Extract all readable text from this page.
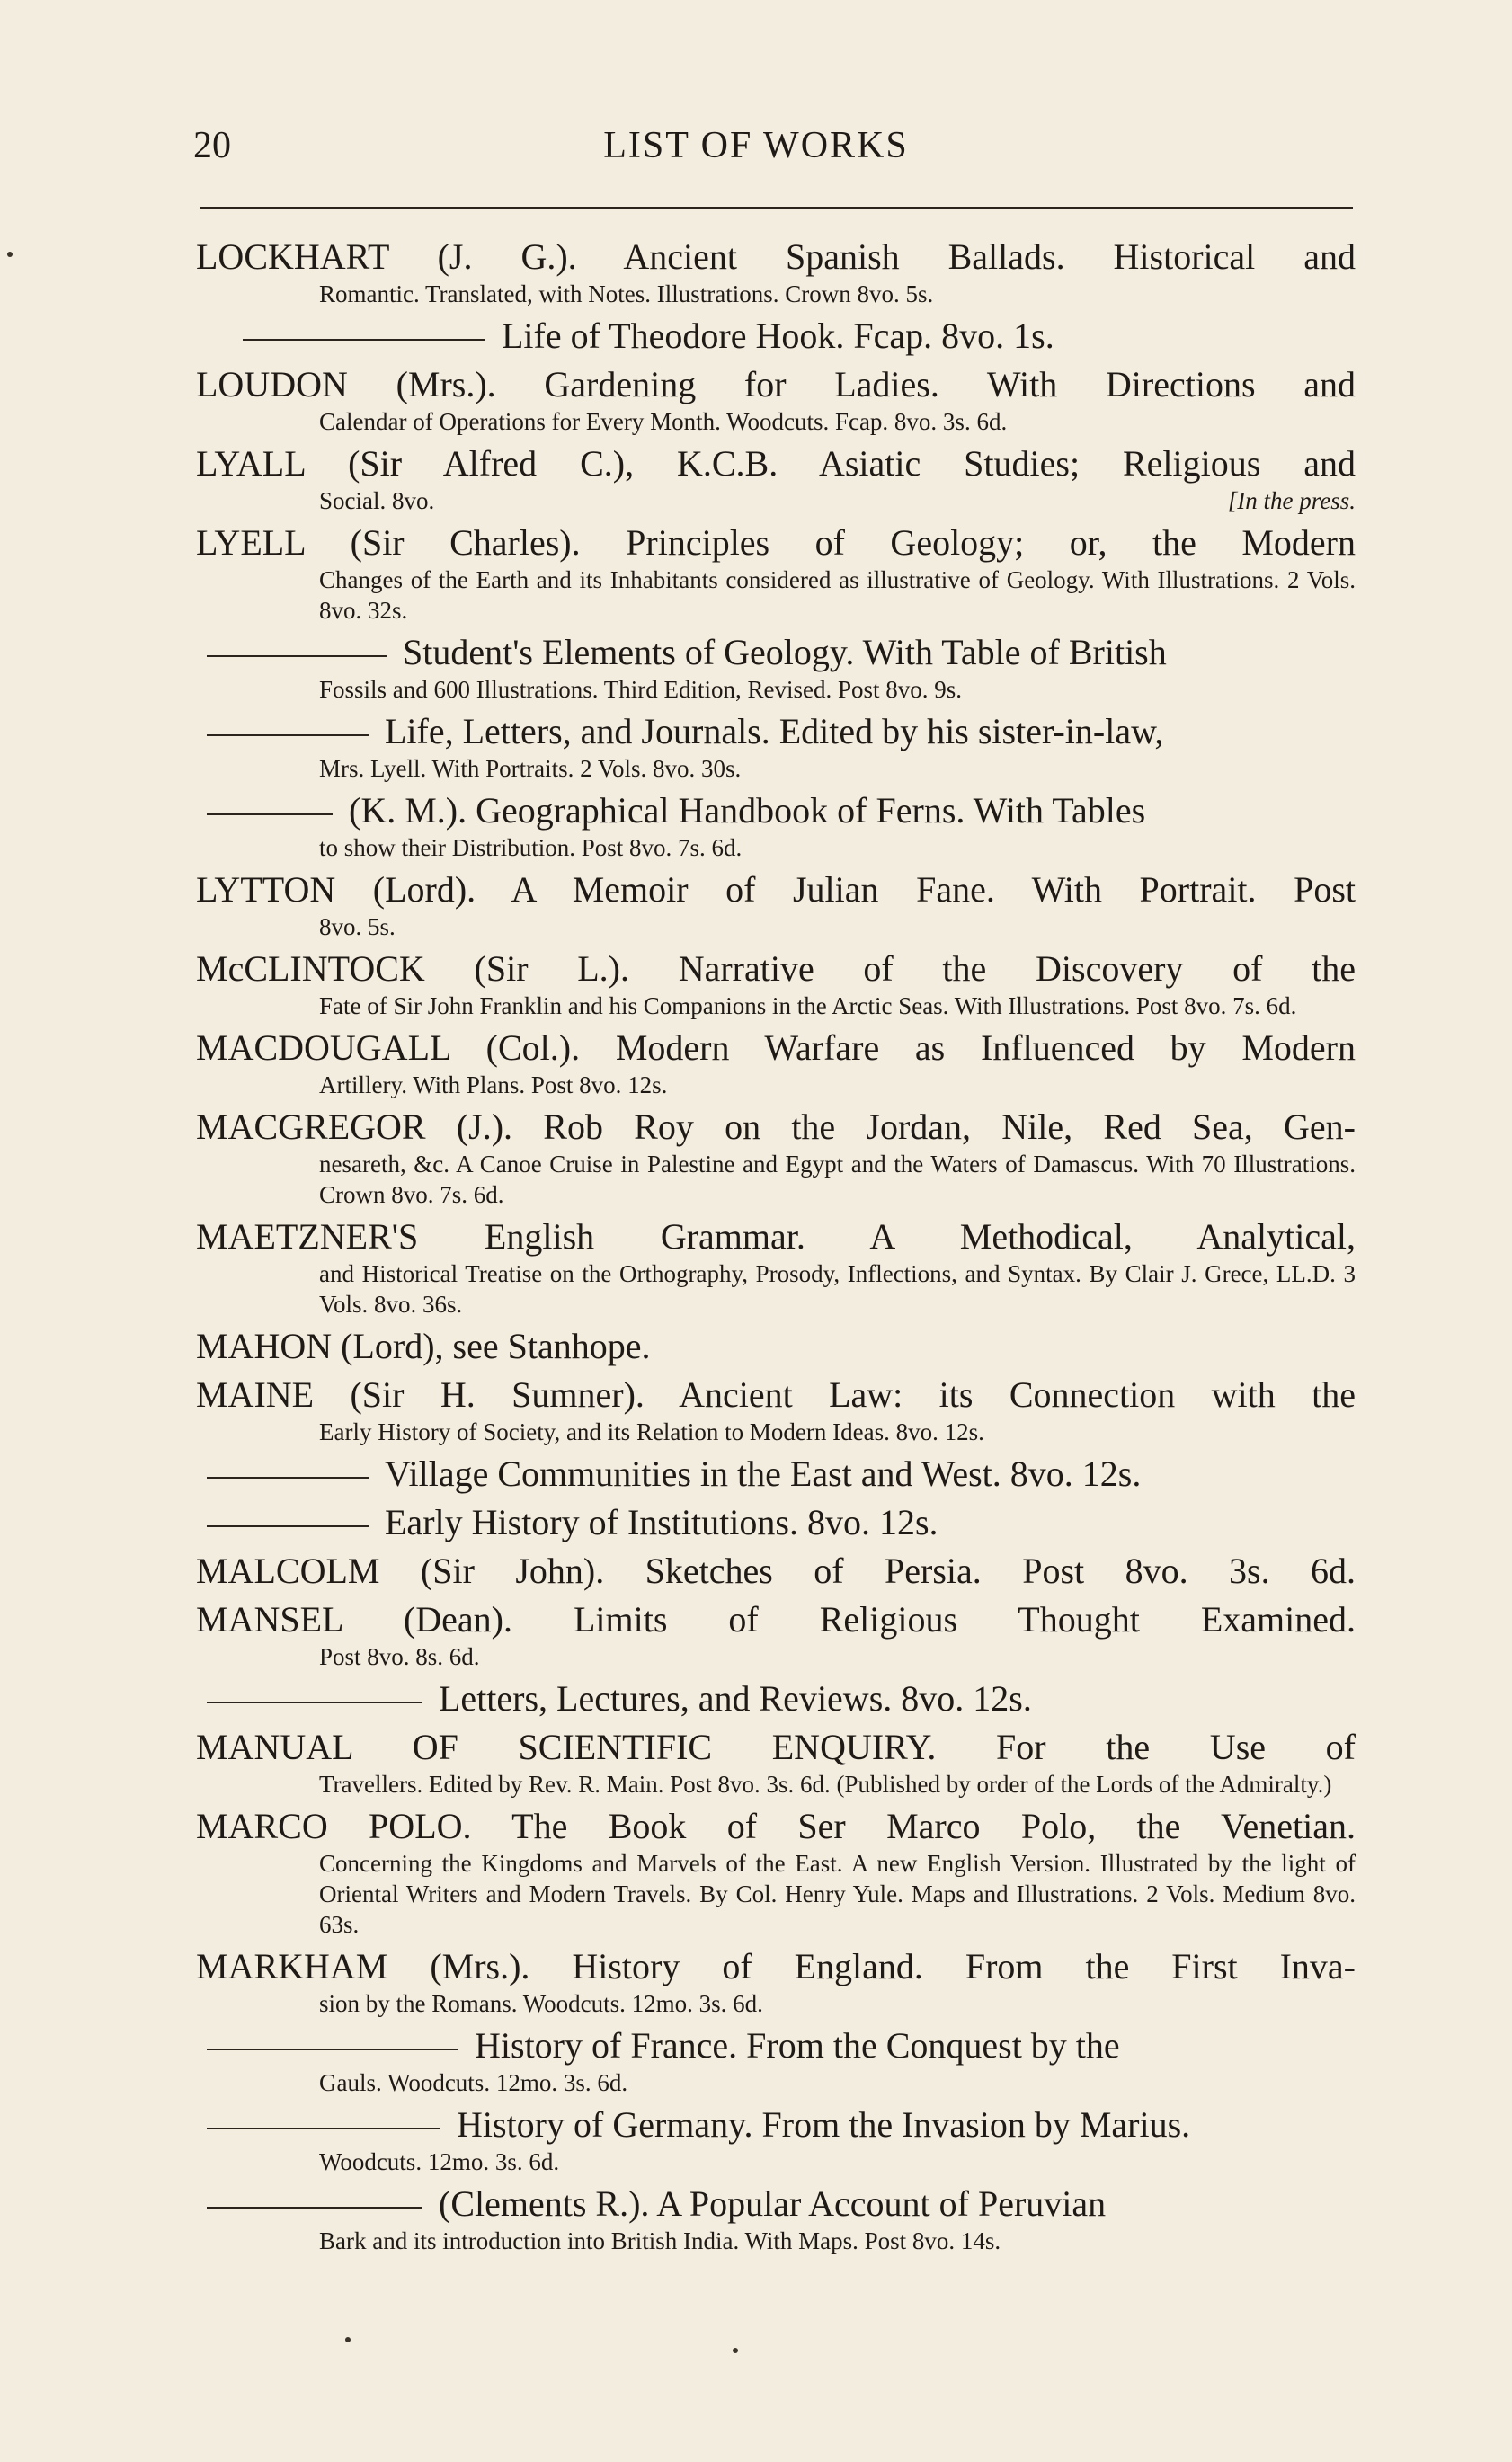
20	LIST OF WORKS
LOCKHART (J. G.). Ancient Spanish Ballads. Historical and
Romantic. Translated, with Notes. Illustrations. Crown 8vo. 5s.
Life of Theodore Hook. Fcap. 8vo. 1s.
LOUDON (Mrs.). Gardening for Ladies. With Directions and
Calendar of Operations for Every Month. Woodcuts. Fcap. 8vo. 3s. 6d.
LYALL (Sir Alfred C.), K.C.B. Asiatic Studies; Religious and
Social. 8vo.	[In the press.
LYELL (Sir Charles). Principles of Geology; or, the Modern
Changes of the Earth and its Inhabitants considered as illustrative of Geology. With Illustrations. 2 Vols. 8vo. 32s.
Student's Elements of Geology. With Table of British
Fossils and 600 Illustrations. Third Edition, Revised. Post 8vo. 9s.
Life, Letters, and Journals. Edited by his sister-in-law,
Mrs. Lyell. With Portraits. 2 Vols. 8vo. 30s.
(K. M.). Geographical Handbook of Ferns. With Tables
to show their Distribution. Post 8vo. 7s. 6d.
LYTTON (Lord). A Memoir of Julian Fane. With Portrait. Post
8vo. 5s.
McCLINTOCK (Sir L.). Narrative of the Discovery of the
Fate of Sir John Franklin and his Companions in the Arctic Seas. With Illustrations. Post 8vo. 7s. 6d.
MACDOUGALL (Col.). Modern Warfare as Influenced by Modern
Artillery. With Plans. Post 8vo. 12s.
MACGREGOR (J.). Rob Roy on the Jordan, Nile, Red Sea, Gen-
nesareth, &c. A Canoe Cruise in Palestine and Egypt and the Waters of Damascus. With 70 Illustrations. Crown 8vo. 7s. 6d.
MAETZNER'S English Grammar. A Methodical, Analytical,
and Historical Treatise on the Orthography, Prosody, Inflections, and Syntax. By Clair J. Grece, LL.D. 3 Vols. 8vo. 36s.
MAHON (Lord), see Stanhope.
MAINE (Sir H. Sumner). Ancient Law: its Connection with the
Early History of Society, and its Relation to Modern Ideas. 8vo. 12s.
Village Communities in the East and West. 8vo. 12s.
Early History of Institutions. 8vo. 12s.
MALCOLM (Sir John). Sketches of Persia. Post 8vo. 3s. 6d.
MANSEL (Dean). Limits of Religious Thought Examined.
Post 8vo. 8s. 6d.
Letters, Lectures, and Reviews. 8vo. 12s.
MANUAL OF SCIENTIFIC ENQUIRY. For the Use of
Travellers. Edited by Rev. R. Main. Post 8vo. 3s. 6d. (Published by order of the Lords of the Admiralty.)
MARCO POLO. The Book of Ser Marco Polo, the Venetian.
Concerning the Kingdoms and Marvels of the East. A new English Version. Illustrated by the light of Oriental Writers and Modern Travels. By Col. Henry Yule. Maps and Illustrations. 2 Vols. Medium 8vo. 63s.
MARKHAM (Mrs.). History of England. From the First Inva-
sion by the Romans. Woodcuts. 12mo. 3s. 6d.
History of France. From the Conquest by the
Gauls. Woodcuts. 12mo. 3s. 6d.
History of Germany. From the Invasion by Marius.
Woodcuts. 12mo. 3s. 6d.
(Clements R.). A Popular Account of Peruvian
Bark and its introduction into British India. With Maps. Post 8vo. 14s.
